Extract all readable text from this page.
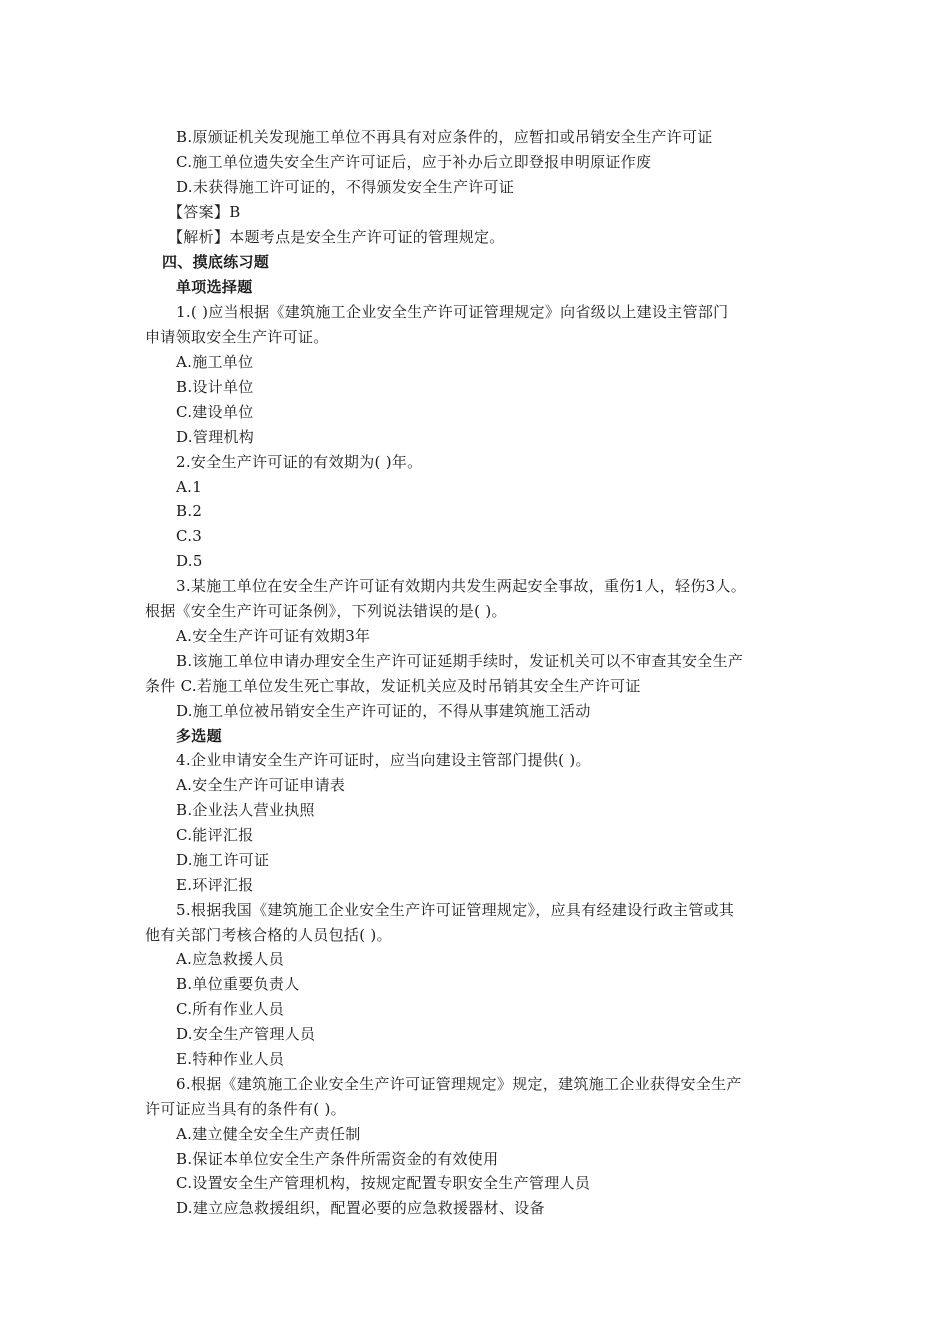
B.原颁证机关发现施工单位不再具有对应条件的，应暂扣或吊销安全生产许可证
C.施工单位遗失安全生产许可证后，应于补办后立即登报申明原证作废
D.未获得施工许可证的，不得颁发安全生产许可证
【答案】B
【解析】本题考点是安全生产许可证的管理规定。
四、摸底练习题
单项选择题
1.( )应当根据《建筑施工企业安全生产许可证管理规定》向省级以上建设主管部门
申请领取安全生产许可证。
A.施工单位
B.设计单位
C.建设单位
D.管理机构
2.安全生产许可证的有效期为( )年。
A.1
B.2
C.3
D.5
3.某施工单位在安全生产许可证有效期内共发生两起安全事故，重伤1人，轻伤3人。
根据《安全生产许可证条例》，下列说法错误的是( )。
A.安全生产许可证有效期3年
B.该施工单位申请办理安全生产许可证延期手续时，发证机关可以不审查其安全生产
条件 C.若施工单位发生死亡事故，发证机关应及时吊销其安全生产许可证
D.施工单位被吊销安全生产许可证的，不得从事建筑施工活动
多选题
4.企业申请安全生产许可证时，应当向建设主管部门提供( )。
A.安全生产许可证申请表
B.企业法人营业执照
C.能评汇报
D.施工许可证
E.环评汇报
5.根据我国《建筑施工企业安全生产许可证管理规定》，应具有经建设行政主管或其
他有关部门考核合格的人员包括( )。
A.应急救援人员
B.单位重要负责人
C.所有作业人员
D.安全生产管理人员
E.特种作业人员
6.根据《建筑施工企业安全生产许可证管理规定》规定，建筑施工企业获得安全生产
许可证应当具有的条件有( )。
A.建立健全安全生产责任制
B.保证本单位安全生产条件所需资金的有效使用
C.设置安全生产管理机构，按规定配置专职安全生产管理人员
D.建立应急救援组织，配置必要的应急救援器材、设备
